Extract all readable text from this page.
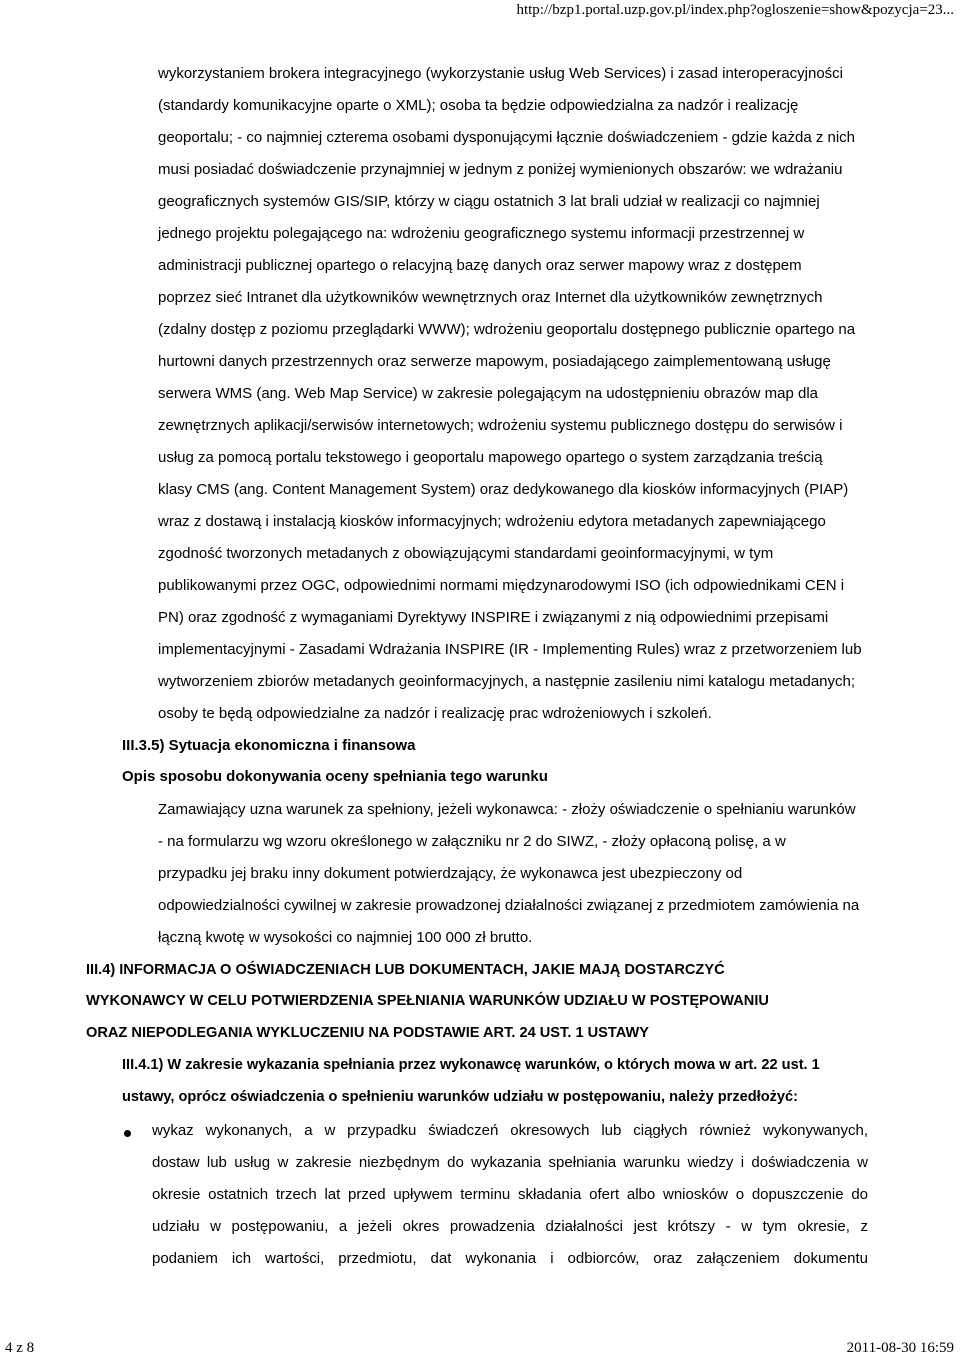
http://bzp1.portal.uzp.gov.pl/index.php?ogloszenie=show&pozycja=23...
wykorzystaniem brokera integracyjnego (wykorzystanie usług Web Services) i zasad interoperacyjności
(standardy komunikacyjne oparte o XML); osoba ta będzie odpowiedzialna za nadzór i realizację
geoportalu; - co najmniej czterema osobami dysponującymi łącznie doświadczeniem - gdzie każda z nich
musi posiadać doświadczenie przynajmniej w jednym z poniżej wymienionych obszarów: we wdrażaniu
geograficznych systemów GIS/SIP, którzy w ciągu ostatnich 3 lat brali udział w realizacji co najmniej
jednego projektu polegającego na: wdrożeniu geograficznego systemu informacji przestrzennej w
administracji publicznej opartego o relacyjną bazę danych oraz serwer mapowy wraz z dostępem
poprzez sieć Intranet dla użytkowników wewnętrznych oraz Internet dla użytkowników zewnętrznych
(zdalny dostęp z poziomu przeglądarki WWW); wdrożeniu geoportalu dostępnego publicznie opartego na
hurtowni danych przestrzennych oraz serwerze mapowym, posiadającego zaimplementowaną usługę
serwera WMS (ang. Web Map Service) w zakresie polegającym na udostępnieniu obrazów map dla
zewnętrznych aplikacji/serwisów internetowych; wdrożeniu systemu publicznego dostępu do serwisów i
usług za pomocą portalu tekstowego i geoportalu mapowego opartego o system zarządzania treścią
klasy CMS (ang. Content Management System) oraz dedykowanego dla kiosków informacyjnych (PIAP)
wraz z dostawą i instalacją kiosków informacyjnych; wdrożeniu edytora metadanych zapewniającego
zgodność tworzonych metadanych z obowiązującymi standardami geoinformacyjnymi, w tym
publikowanymi przez OGC, odpowiednimi normami międzynarodowymi ISO (ich odpowiednikami CEN i
PN) oraz zgodność z wymaganiami Dyrektywy INSPIRE i związanymi z nią odpowiednimi przepisami
implementacyjnymi - Zasadami Wdrażania INSPIRE (IR - Implementing Rules) wraz z przetworzeniem lub
wytworzeniem zbiorów metadanych geoinformacyjnych, a następnie zasileniu nimi katalogu metadanych;
osoby te będą odpowiedzialne za nadzór i realizację prac wdrożeniowych i szkoleń.
III.3.5) Sytuacja ekonomiczna i finansowa
Opis sposobu dokonywania oceny spełniania tego warunku
Zamawiający uzna warunek za spełniony, jeżeli wykonawca: - złoży oświadczenie o spełnianiu warunków
- na formularzu wg wzoru określonego w załączniku nr 2 do SIWZ, - złoży opłaconą polisę, a w
przypadku jej braku inny dokument potwierdzający, że wykonawca jest ubezpieczony od
odpowiedzialności cywilnej w zakresie prowadzonej działalności związanej z przedmiotem zamówienia na
łączną kwotę w wysokości co najmniej 100 000 zł brutto.
III.4) INFORMACJA O OŚWIADCZENIACH LUB DOKUMENTACH, JAKIE MAJĄ DOSTARCZYĆ
WYKONAWCY W CELU POTWIERDZENIA SPEŁNIANIA WARUNKÓW UDZIAŁU W POSTĘPOWANIU
ORAZ NIEPODLEGANIA WYKLUCZENIU NA PODSTAWIE ART. 24 UST. 1 USTAWY
III.4.1) W zakresie wykazania spełniania przez wykonawcę warunków, o których mowa w art. 22 ust. 1
ustawy, oprócz oświadczenia o spełnieniu warunków udziału w postępowaniu, należy przedłożyć:
wykaz wykonanych, a w przypadku świadczeń okresowych lub ciągłych również wykonywanych,
dostaw lub usług w zakresie niezbędnym do wykazania spełniania warunku wiedzy i doświadczenia w
okresie ostatnich trzech lat przed upływem terminu składania ofert albo wniosków o dopuszczenie do
udziału w postępowaniu, a jeżeli okres prowadzenia działalności jest krótszy - w tym okresie, z
podaniem ich wartości, przedmiotu, dat wykonania i odbiorców, oraz załączeniem dokumentu
4 z 8	2011-08-30 16:59
